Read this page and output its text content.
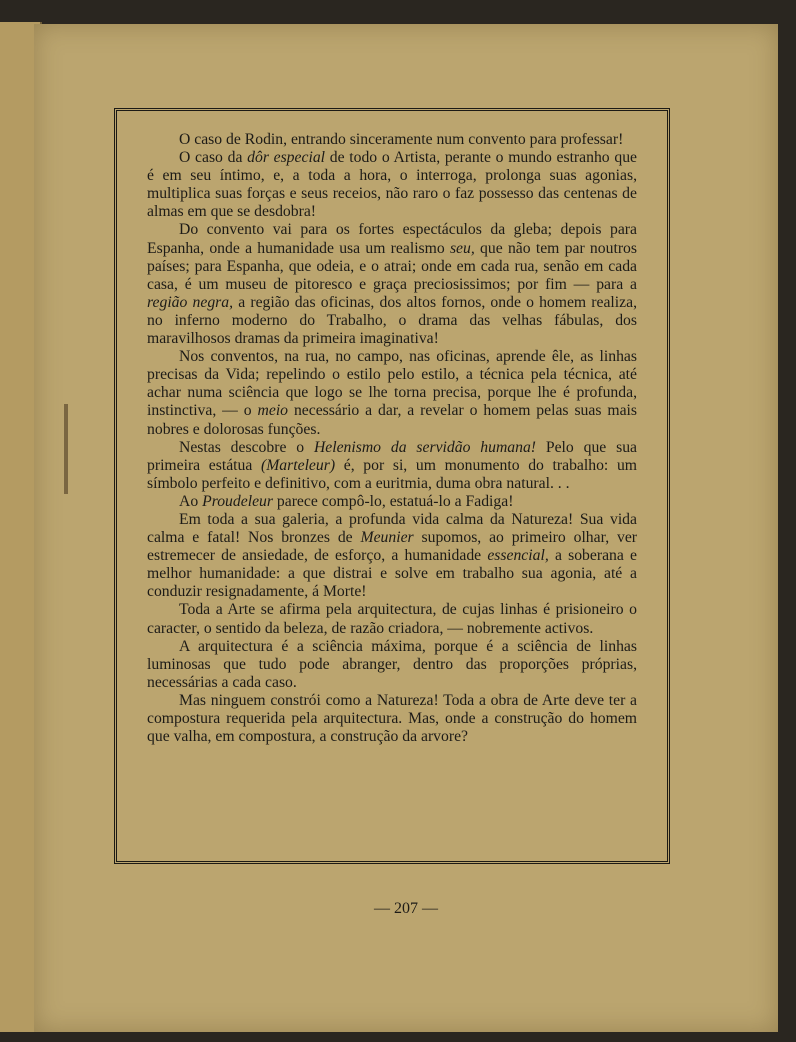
O caso de Rodin, entrando sinceramente num convento para professar!

O caso da dôr especial de todo o Artista, perante o mundo estranho que é em seu íntimo, e, a toda a hora, o interroga, prolonga suas agonias, multiplica suas forças e seus receios, não raro o faz possesso das centenas de almas em que se desdobra!

Do convento vai para os fortes espectáculos da gleba; depois para Espanha, onde a humanidade usa um realismo seu, que não tem par noutros países; para Espanha, que odeia, e o atrai; onde em cada rua, senão em cada casa, é um museu de pitoresco e graça preciosissimos; por fim — para a região negra, a região das oficinas, dos altos fornos, onde o homem realiza, no inferno moderno do Trabalho, o drama das velhas fábulas, dos maravilhosos dramas da primeira imaginativa!

Nos conventos, na rua, no campo, nas oficinas, aprende êle, as linhas precisas da Vida; repelindo o estilo pelo estilo, a técnica pela técnica, até achar numa sciência que logo se lhe torna precisa, porque lhe é profunda, instinctiva, — o meio necessário a dar, a revelar o homem pelas suas mais nobres e dolorosas funções.

Nestas descobre o Helenismo da servidão humana! Pelo que sua primeira estátua (Marteleur) é, por si, um monumento do trabalho: um símbolo perfeito e definitivo, com a euritmia, duma obra natural. . .

Ao Proudeleur parece compô-lo, estatuá-lo a Fadiga!

Em toda a sua galeria, a profunda vida calma da Natureza! Sua vida calma e fatal! Nos bronzes de Meunier supomos, ao primeiro olhar, ver estremecer de ansiedade, de esforço, a humanidade essencial, a soberana e melhor humanidade: a que distrai e solve em trabalho sua agonia, até a conduzir resignadamente, á Morte!

Toda a Arte se afirma pela arquitectura, de cujas linhas é prisioneiro o caracter, o sentido da beleza, de razão criadora, — nobremente activos.

A arquitectura é a sciência máxima, porque é a sciência de linhas luminosas que tudo pode abranger, dentro das proporções próprias, necessárias a cada caso.

Mas ninguem constrói como a Natureza! Toda a obra de Arte deve ter a compostura requerida pela arquitectura. Mas, onde a construção do homem que valha, em compostura, a construção da arvore?

— 207 —
